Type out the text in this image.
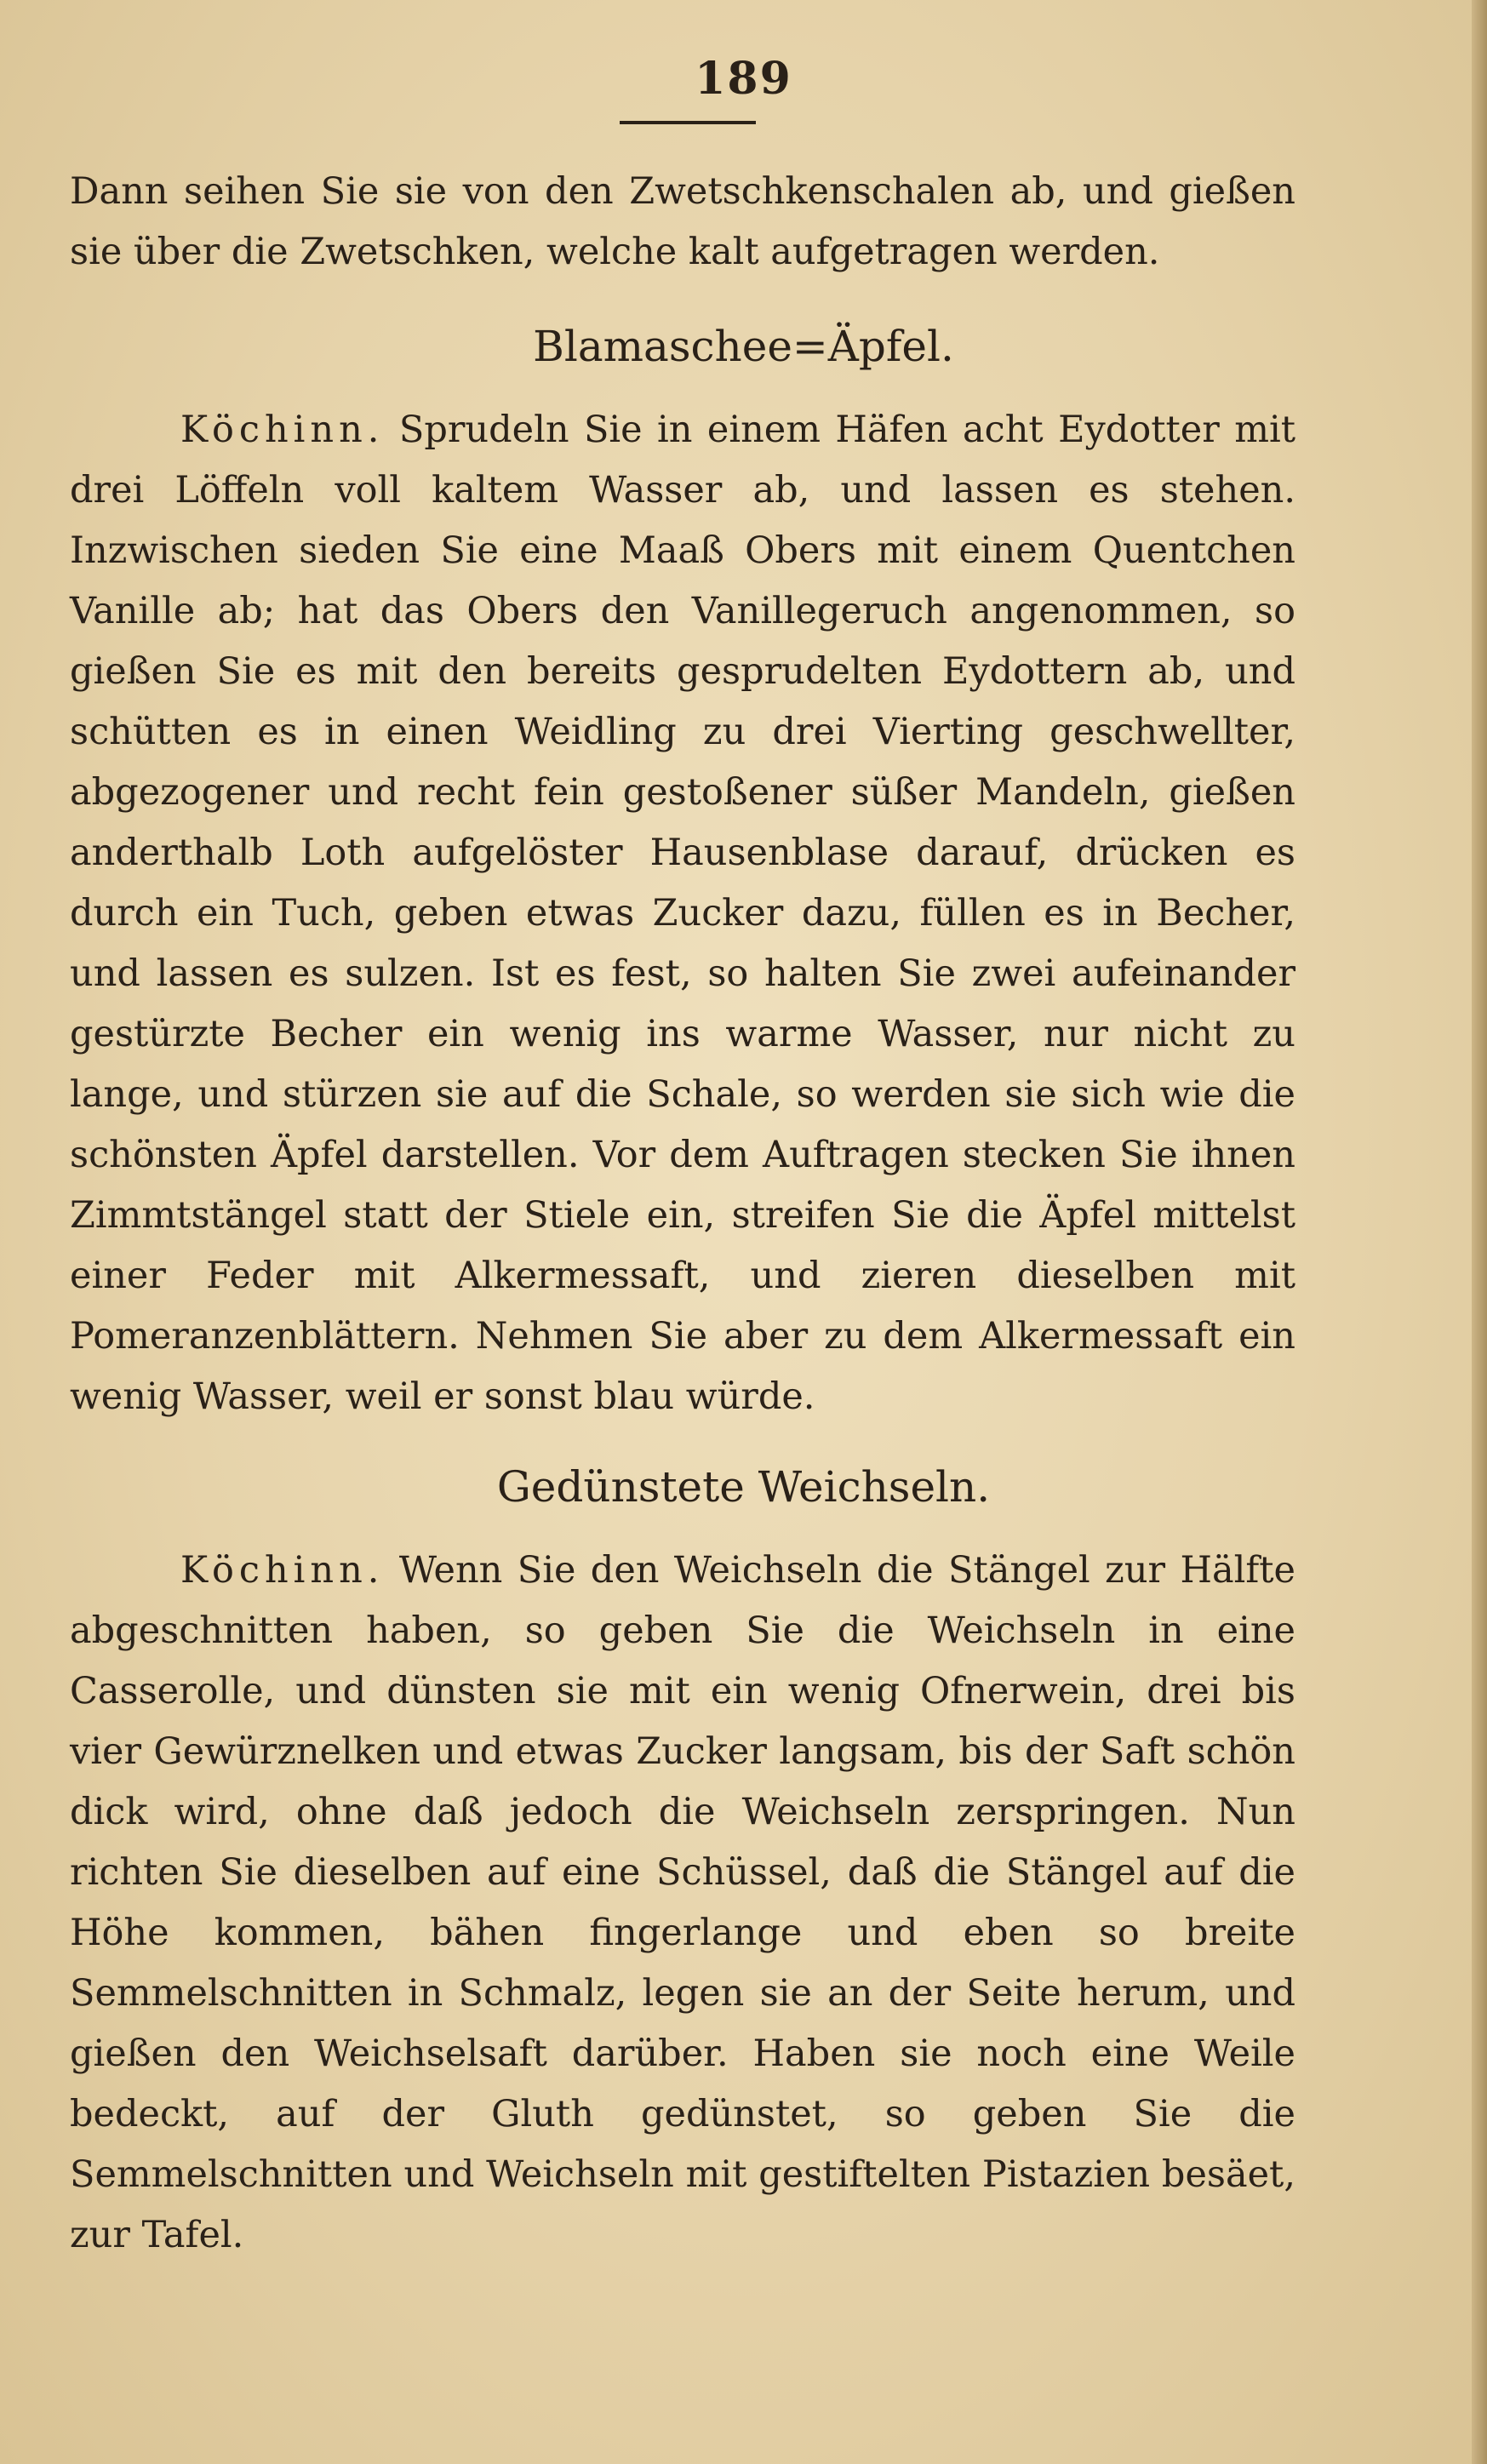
189

Dann seihen Sie sie von den Zwetschkenschalen ab, und gießen sie über die Zwetschken, welche kalt aufgetragen werden.

Blamaschee=Äpfel.

Köchinn. Sprudeln Sie in einem Häfen acht Eydotter mit drei Löffeln voll kaltem Wasser ab, und lassen es stehen. Inzwischen sieden Sie eine Maaß Obers mit einem Quentchen Vanille ab; hat das Obers den Vanillegeruch angenommen, so gießen Sie es mit den bereits gesprudelten Eydottern ab, und schütten es in einen Weidling zu drei Vierting geschwellter, abgezogener und recht fein gestoßener süßer Mandeln, gießen anderthalb Loth aufgelöster Hausenblase darauf, drücken es durch ein Tuch, geben etwas Zucker dazu, füllen es in Becher, und lassen es sulzen. Ist es fest, so halten Sie zwei aufeinander gestürzte Becher ein wenig ins warme Wasser, nur nicht zu lange, und stürzen sie auf die Schale, so werden sie sich wie die schönsten Äpfel darstellen. Vor dem Auftragen stecken Sie ihnen Zimmtstängel statt der Stiele ein, streifen Sie die Äpfel mittelst einer Feder mit Alkermessaft, und zieren dieselben mit Pomeranzenblättern. Nehmen Sie aber zu dem Alkermessaft ein wenig Wasser, weil er sonst blau würde.

Gedünstete Weichseln.

Köchinn. Wenn Sie den Weichseln die Stängel zur Hälfte abgeschnitten haben, so geben Sie die Weichseln in eine Casserolle, und dünsten sie mit ein wenig Ofnerwein, drei bis vier Gewürznelken und etwas Zucker langsam, bis der Saft schön dick wird, ohne daß jedoch die Weichseln zerspringen. Nun richten Sie dieselben auf eine Schüssel, daß die Stängel auf die Höhe kommen, bähen fingerlange und eben so breite Semmelschnitten in Schmalz, legen sie an der Seite herum, und gießen den Weichselsaft darüber. Haben sie noch eine Weile bedeckt, auf der Gluth gedünstet, so geben Sie die Semmelschnitten und Weichseln mit gestiftelten Pistazien besäet, zur Tafel.
